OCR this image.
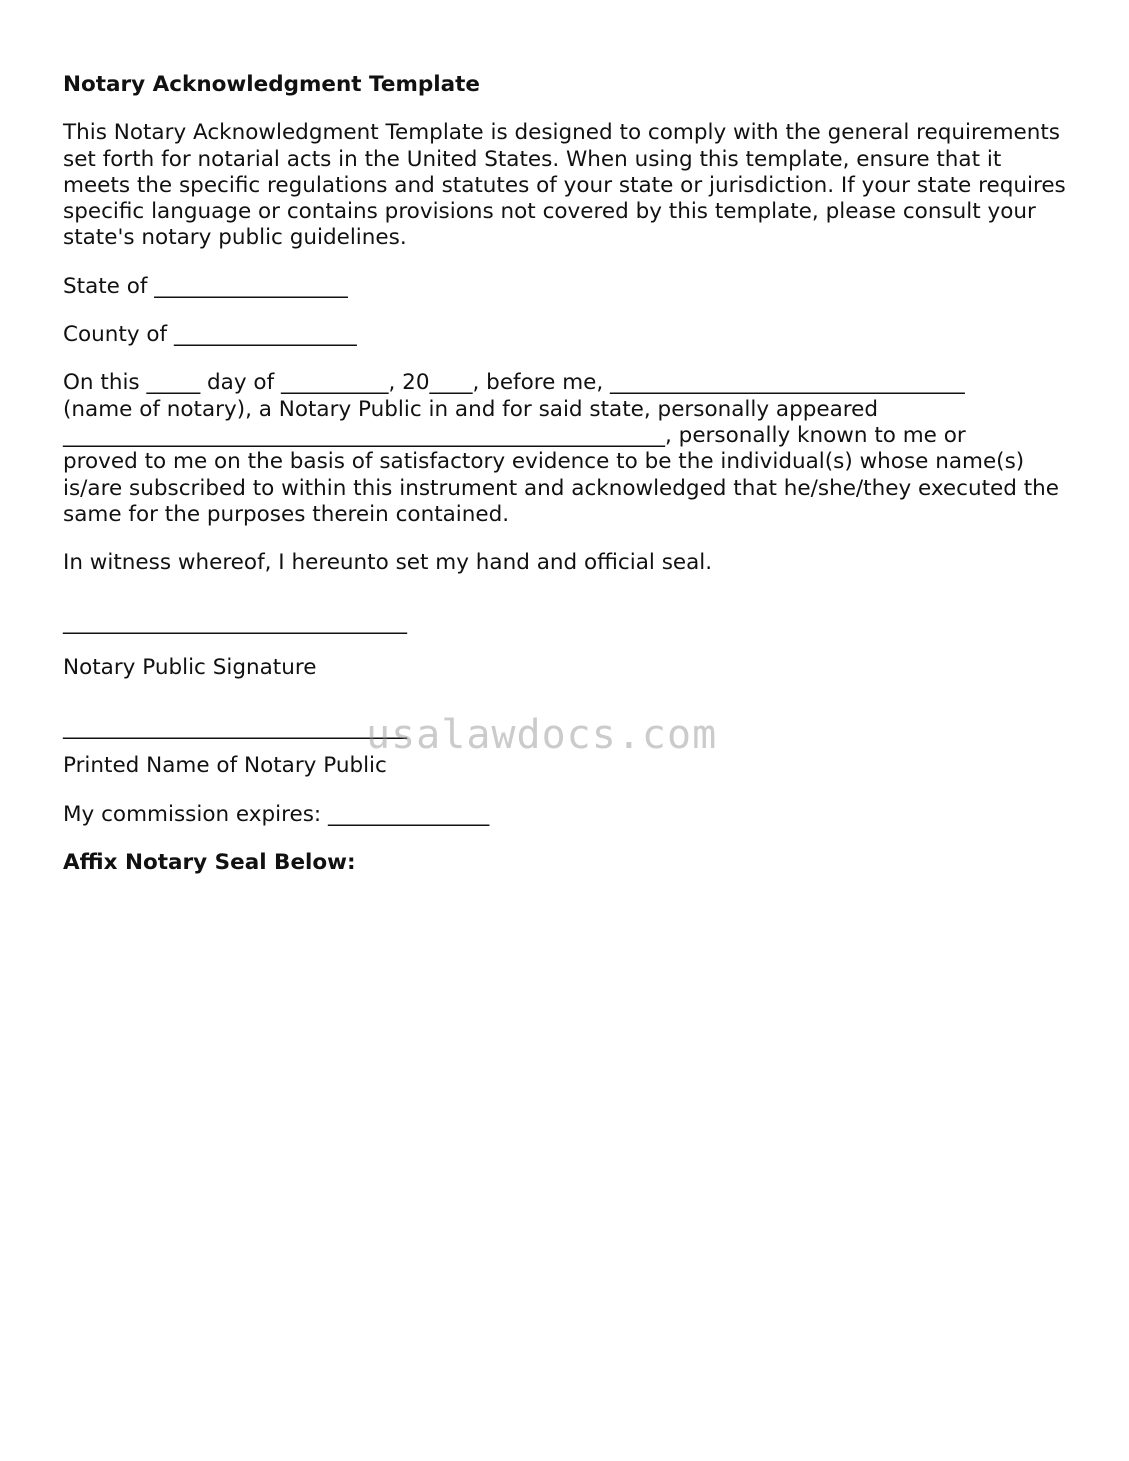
Notary Acknowledgment Template
This Notary Acknowledgment Template is designed to comply with the general requirements set forth for notarial acts in the United States. When using this template, ensure that it meets the specific regulations and statutes of your state or jurisdiction. If your state requires specific language or contains provisions not covered by this template, please consult your state's notary public guidelines.
State of __________________
County of _________________
On this _____ day of __________, 20____, before me, _________________________________
(name of notary), a Notary Public in and for said state, personally appeared
________________________________________________________, personally known to me or
proved to me on the basis of satisfactory evidence to be the individual(s) whose name(s) is/are subscribed to within this instrument and acknowledged that he/she/they executed the same for the purposes therein contained.
In witness whereof, I hereunto set my hand and official seal.
________________________________
Notary Public Signature
________________________________
Printed Name of Notary Public
My commission expires: _______________
Affix Notary Seal Below:
usalawdocs.com
